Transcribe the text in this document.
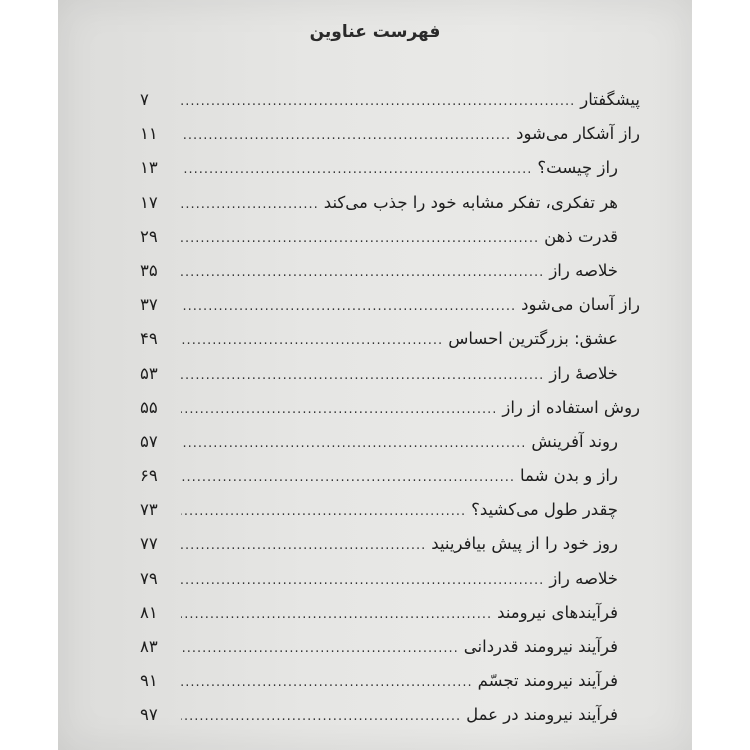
فهرست عناوین
پیشگفتار
.....
۷
راز آشکار می‌شود
.....
۱۱
راز چیست؟
.....
۱۳
هر تفکری، تفکر مشابه خود را جذب می‌کند
.....
۱۷
قدرت ذهن
.....
۲۹
خلاصه راز
.....
۳۵
راز آسان می‌شود
.....
۳۷
عشق: بزرگترین احساس
.....
۴۹
خلاصهٔ راز
.....
۵۳
روش استفاده از راز
.....
۵۵
روند آفرینش
.....
۵۷
راز و بدن شما
.....
۶۹
چقدر طول می‌کشید؟
.....
۷۳
روز خود را از پیش بیافرینید
.....
۷۷
خلاصه راز
.....
۷۹
فرآیندهای نیرومند
.....
۸۱
فرآیند نیرومند قدردانی
.....
۸۳
فرآیند نیرومند تجسّم
.....
۹۱
فرآیند نیرومند در عمل
.....
۹۷
